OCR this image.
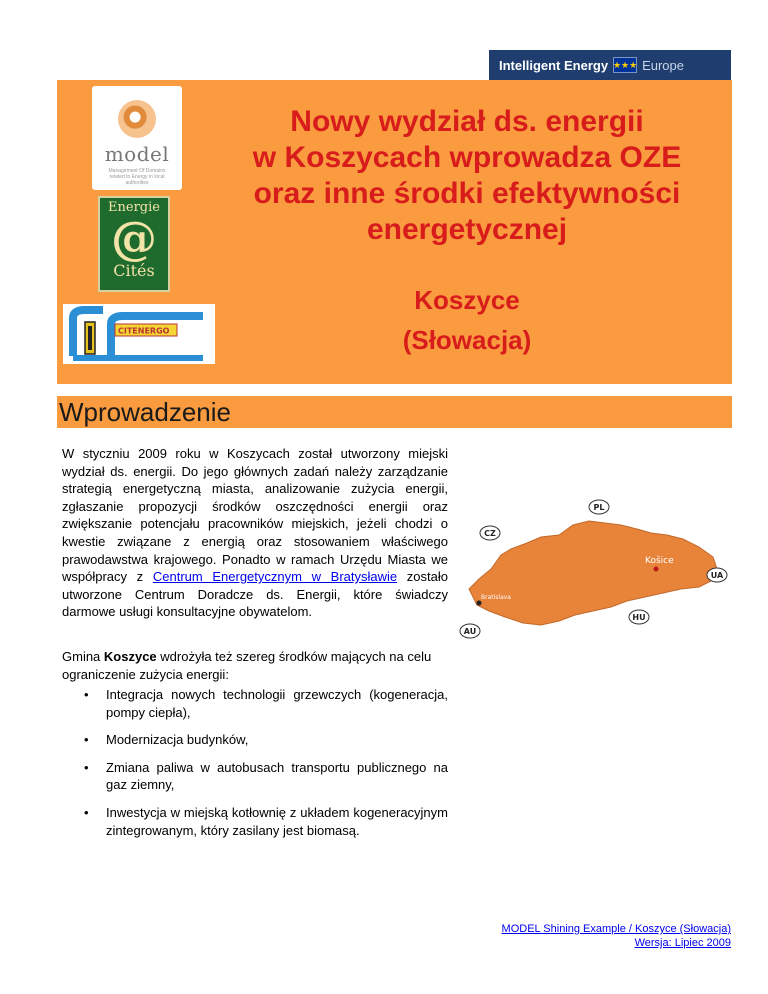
Intelligent Energy ★★★ Europe
model
Management Of Domains related to Energy in local authorities
Energie
@
Cités
CITENERGO
Nowy wydział ds. energii
w Koszycach wprowadza OZE
oraz inne środki efektywności
energetycznej
Koszyce
(Słowacja)
Wprowadzenie

W styczniu 2009 roku w Koszycach został utworzony miejski wydział ds. energii. Do jego głównych zadań należy zarządzanie strategią energetyczną miasta, analizowanie zużycia energii, zgłaszanie propozycji środków oszczędności energii oraz zwiększanie potencjału pracowników miejskich, jeżeli chodzi o kwestie związane z energią oraz stosowaniem właściwego prawodawstwa krajowego. Ponadto w ramach Urzędu Miasta we współpracy z Centrum Energetycznym w Bratysławie zostało utworzone Centrum Doradcze ds. Energii, które świadczy darmowe usługi konsultacyjne obywatelom.

Košice
Bratislava
PL
CZ
UA
HU
AU

Gmina Koszyce wdrożyła też szereg środków mających na celu ograniczenie zużycia energii:

• Integracja nowych technologii grzewczych (kogeneracja, pompy ciepła),
• Modernizacja budynków,
• Zmiana paliwa w autobusach transportu publicznego na gaz ziemny,
• Inwestycja w miejską kotłownię z układem kogeneracyjnym zintegrowanym, który zasilany jest biomasą.
MODEL Shining Example / Koszyce (Słowacja)
Wersja: Lipiec 2009
